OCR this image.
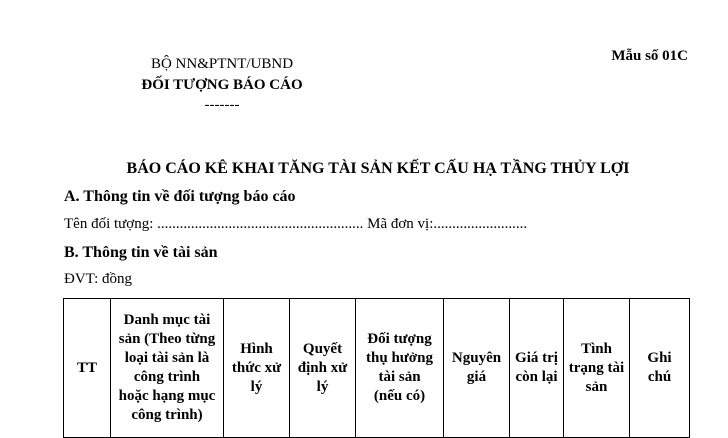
Mẫu số 01C
BỘ NN&PTNT/UBND
ĐỐI TƯỢNG BÁO CÁO
-------
BÁO CÁO KÊ KHAI TĂNG TÀI SẢN KẾT CẤU HẠ TẦNG THỦY LỢI
A. Thông tin về đối tượng báo cáo
Tên đối tượng: ....................................................... Mã đơn vị:.........................
B. Thông tin về tài sản
ĐVT: đồng
TT	Danh mục tài
sản (Theo từng
loại tài sản là
công trình
hoặc hạng mục
công trình)	Hình
thức xử
lý	Quyết
định xử
lý	Đối tượng
thụ hưởng
tài sản
(nếu có)	Nguyên
giá	Giá trị
còn lại	Tình
trạng tài
sản	Ghi
chú
